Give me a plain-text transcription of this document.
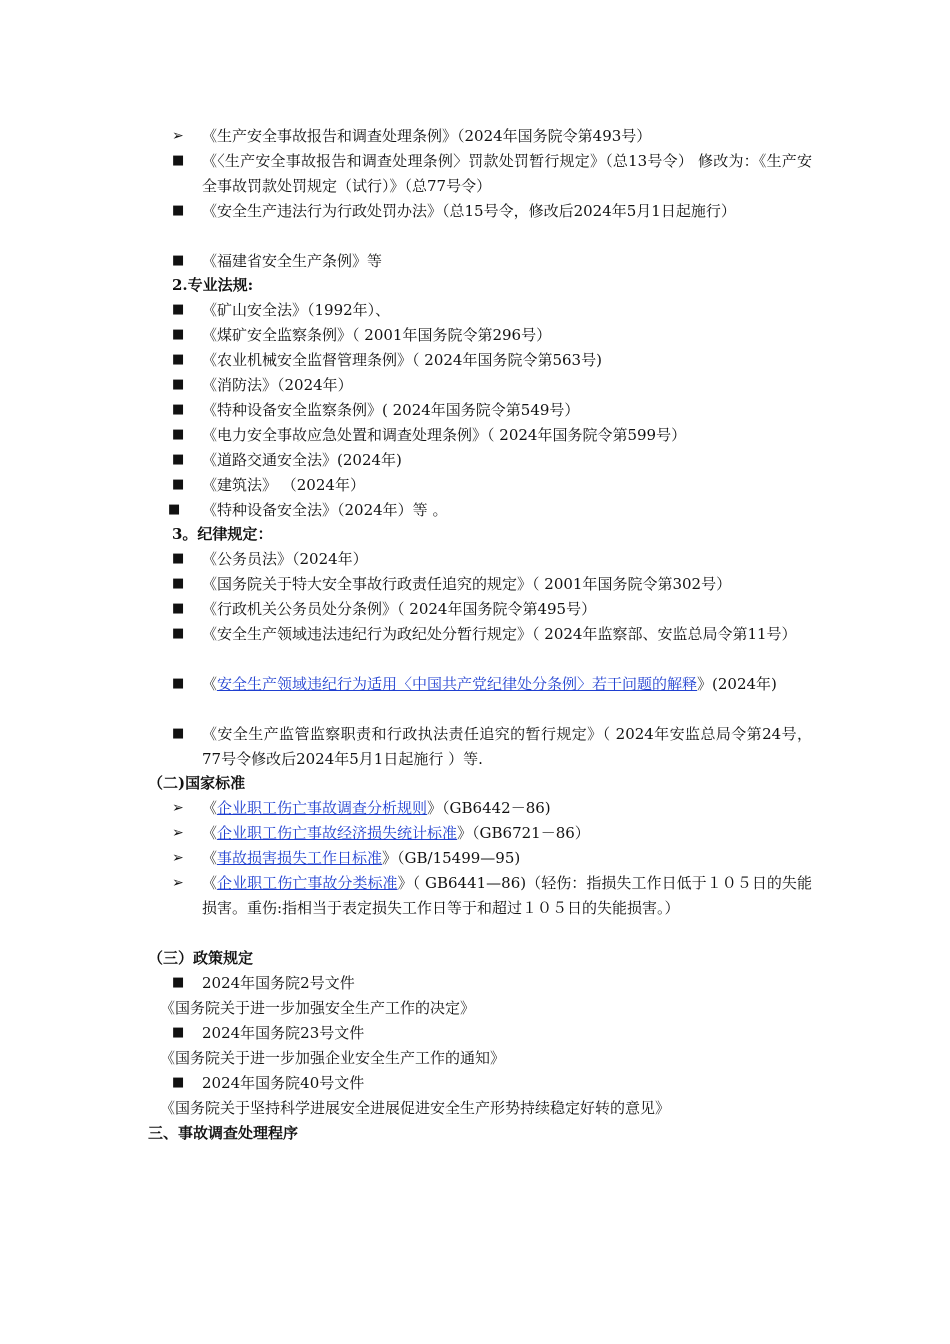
➢	《生产安全事故报告和调查处理条例》（2024年国务院令第493号）
■	《〈生产安全事故报告和调查处理条例〉罚款处罚暂行规定》（总13号令） 修改为：《生产安全事故罚款处罚规定（试行）》（总77号令）
■	《安全生产违法行为行政处罚办法》（总15号令，修改后2024年5月1日起施行）
■	《福建省安全生产条例》等
2.专业法规:
■	《矿山安全法》（1992年）、
■	《煤矿安全监察条例》（ 2001年国务院令第296号）
■	《农业机械安全监督管理条例》（ 2024年国务院令第563号)
■	《消防法》（2024年）
■	《特种设备安全监察条例》( 2024年国务院令第549号）
■	《电力安全事故应急处置和调查处理条例》（ 2024年国务院令第599号）
■	《道路交通安全法》(2024年)
■	《建筑法》 （2024年）
■	《特种设备安全法》（2024年）等 。
3。纪律规定：
■	《公务员法》（2024年）
■	《国务院关于特大安全事故行政责任追究的规定》（ 2001年国务院令第302号）
■	《行政机关公务员处分条例》（ 2024年国务院令第495号）
■	《安全生产领域违法违纪行为政纪处分暂行规定》（ 2024年监察部、安监总局令第11号）
■	《安全生产领域违纪行为适用〈中国共产党纪律处分条例〉若干问题的解释》(2024年)
■	《安全生产监管监察职责和行政执法责任追究的暂行规定》（ 2024年安监总局令第24号，77号令修改后2024年5月1日起施行 ）等.
（二)国家标准
➢	《企业职工伤亡事故调查分析规则》（GB6442－86)
➢	《企业职工伤亡事故经济损失统计标准》（GB6721－86）
➢	《事故损害损失工作日标准》（GB/15499—95)
➢	《企业职工伤亡事故分类标准》（ GB6441—86)（轻伤：指损失工作日低于１０５日的失能损害。重伤:指相当于表定损失工作日等于和超过１０５日的失能损害。）
（三）政策规定
■	2024年国务院2号文件
《国务院关于进一步加强安全生产工作的决定》
■	2024年国务院23号文件
《国务院关于进一步加强企业安全生产工作的通知》
■	2024年国务院40号文件
《国务院关于坚持科学进展安全进展促进安全生产形势持续稳定好转的意见》
三、事故调查处理程序
